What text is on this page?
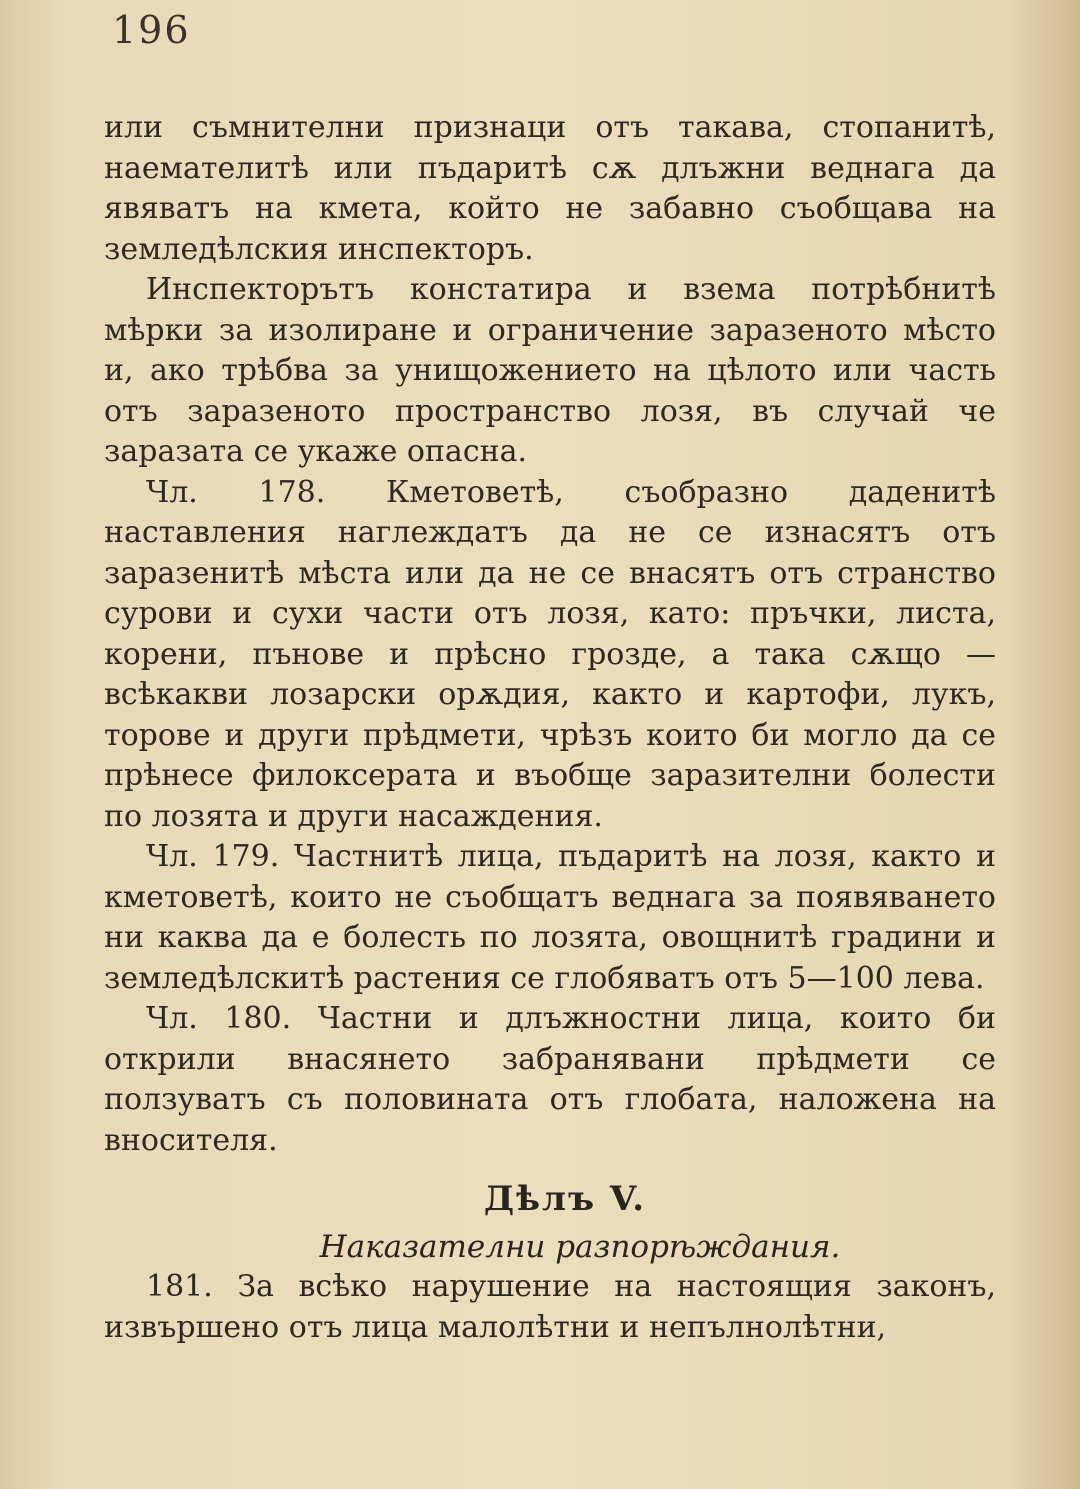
196

или съмнителни признаци отъ такава, стопанитѣ, наемателитѣ или пъдаритѣ сѫ длъжни веднага да явяватъ на кмета, който не забавно съобщава на земледѣлския инспекторъ.

Инспекторътъ констатира и взема потрѣбнитѣ мѣрки за изолиране и ограничение заразеното мѣсто и, ако трѣбва за унищожението на цѣлото или часть отъ заразеното пространство лозя, въ случай че заразата се укаже опасна.

Чл. 178. Кметоветѣ, съобразно даденитѣ наставления наглеждатъ да не се изнасятъ отъ заразенитѣ мѣста или да не се внасятъ отъ странство сурови и сухи части отъ лозя, като: пръчки, листа, корени, пънове и прѣсно грозде, а така сѫщо — всѣкакви лозарски орѫдия, както и картофи, лукъ, торове и други прѣдмети, чрѣзъ които би могло да се прѣнесе филоксерата и въобще заразителни болести по лозята и други насаждения.

Чл. 179. Частнитѣ лица, пъдаритѣ на лозя, както и кметоветѣ, които не съобщатъ веднага за появяването ни каква да е болесть по лозята, овощнитѣ градини и земледѣлскитѣ растения се глобяватъ отъ 5—100 лева.

Чл. 180. Частни и длъжностни лица, които би открили внасянето забранявани прѣдмети се ползуватъ съ половината отъ глобата, наложена на вносителя.

Дѣлъ V.
Наказателни разпорѣждания.

181. За всѣко нарушение на настоящия законъ, извършено отъ лица малолѣтни и непълнолѣтни,
